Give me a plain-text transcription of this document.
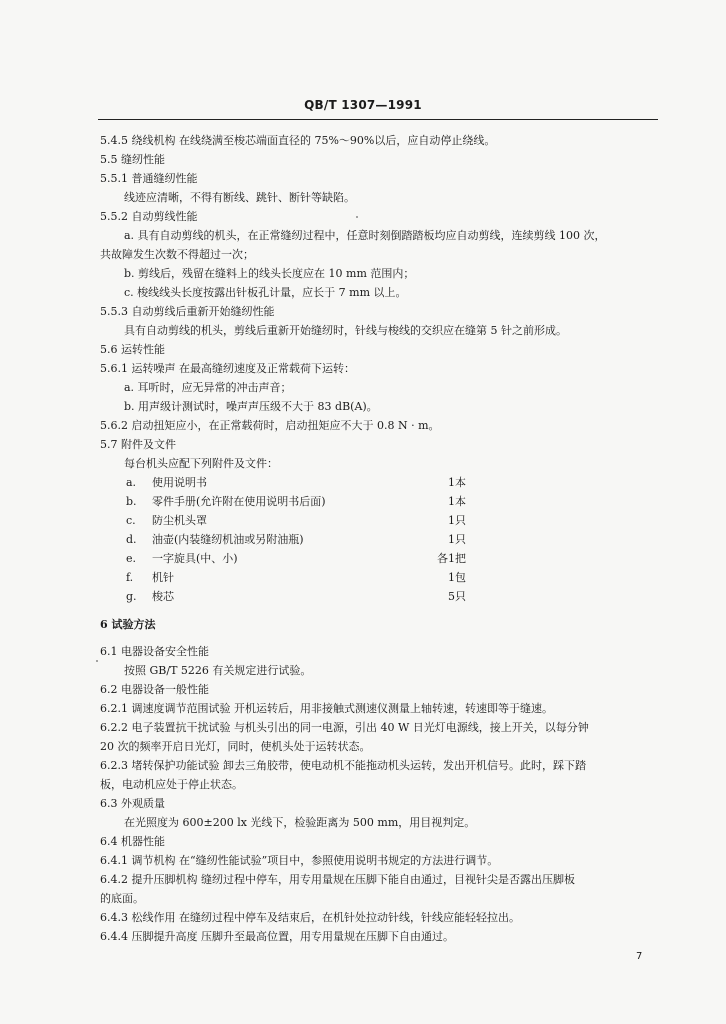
QB/T 1307—1991
5.4.5 绕线机构 在线绕满至梭芯端面直径的 75%～90%以后，应自动停止绕线。
5.5 缝纫性能
5.5.1 普通缝纫性能
线迹应清晰，不得有断线、跳针、断针等缺陷。
5.5.2 自动剪线性能
a. 具有自动剪线的机头，在正常缝纫过程中，任意时刻倒踏踏板均应自动剪线，连续剪线 100 次，
共故障发生次数不得超过一次；
b. 剪线后，残留在缝料上的线头长度应在 10 mm 范围内；
c. 梭线线头长度按露出针板孔计量，应长于 7 mm 以上。
5.5.3 自动剪线后重新开始缝纫性能
具有自动剪线的机头，剪线后重新开始缝纫时，针线与梭线的交织应在缝第 5 针之前形成。
5.6 运转性能
5.6.1 运转噪声 在最高缝纫速度及正常载荷下运转：
a. 耳听时，应无异常的冲击声音；
b. 用声级计测试时，噪声声压级不大于 83 dB(A)。
5.6.2 启动扭矩应小，在正常载荷时，启动扭矩应不大于 0.8 N · m。
5.7 附件及文件
每台机头应配下列附件及文件：
a. 使用说明书	1本
b. 零件手册(允许附在使用说明书后面)	1本
c. 防尘机头罩	1只
d. 油壶(内装缝纫机油或另附油瓶)	1只
e. 一字旋具(中、小)	各1把
f. 机针	1包
g. 梭芯	5只
6 试验方法
6.1 电器设备安全性能
按照 GB/T 5226 有关规定进行试验。
6.2 电器设备一般性能
6.2.1 调速度调节范围试验 开机运转后，用非接触式测速仪测量上轴转速，转速即等于缝速。
6.2.2 电子装置抗干扰试验 与机头引出的同一电源，引出 40 W 日光灯电源线，接上开关，以每分钟
20 次的频率开启日光灯，同时，使机头处于运转状态。
6.2.3 堵转保护功能试验 卸去三角胶带，使电动机不能拖动机头运转，发出开机信号。此时，踩下踏
板，电动机应处于停止状态。
6.3 外观质量
在光照度为 600±200 lx 光线下，检验距离为 500 mm，用目视判定。
6.4 机器性能
6.4.1 调节机构 在“缝纫性能试验”项目中，参照使用说明书规定的方法进行调节。
6.4.2 提升压脚机构 缝纫过程中停车，用专用量规在压脚下能自由通过，目视针尖是否露出压脚板
的底面。
6.4.3 松线作用 在缝纫过程中停车及结束后，在机针处拉动针线，针线应能轻轻拉出。
6.4.4 压脚提升高度 压脚升至最高位置，用专用量规在压脚下自由通过。
7
